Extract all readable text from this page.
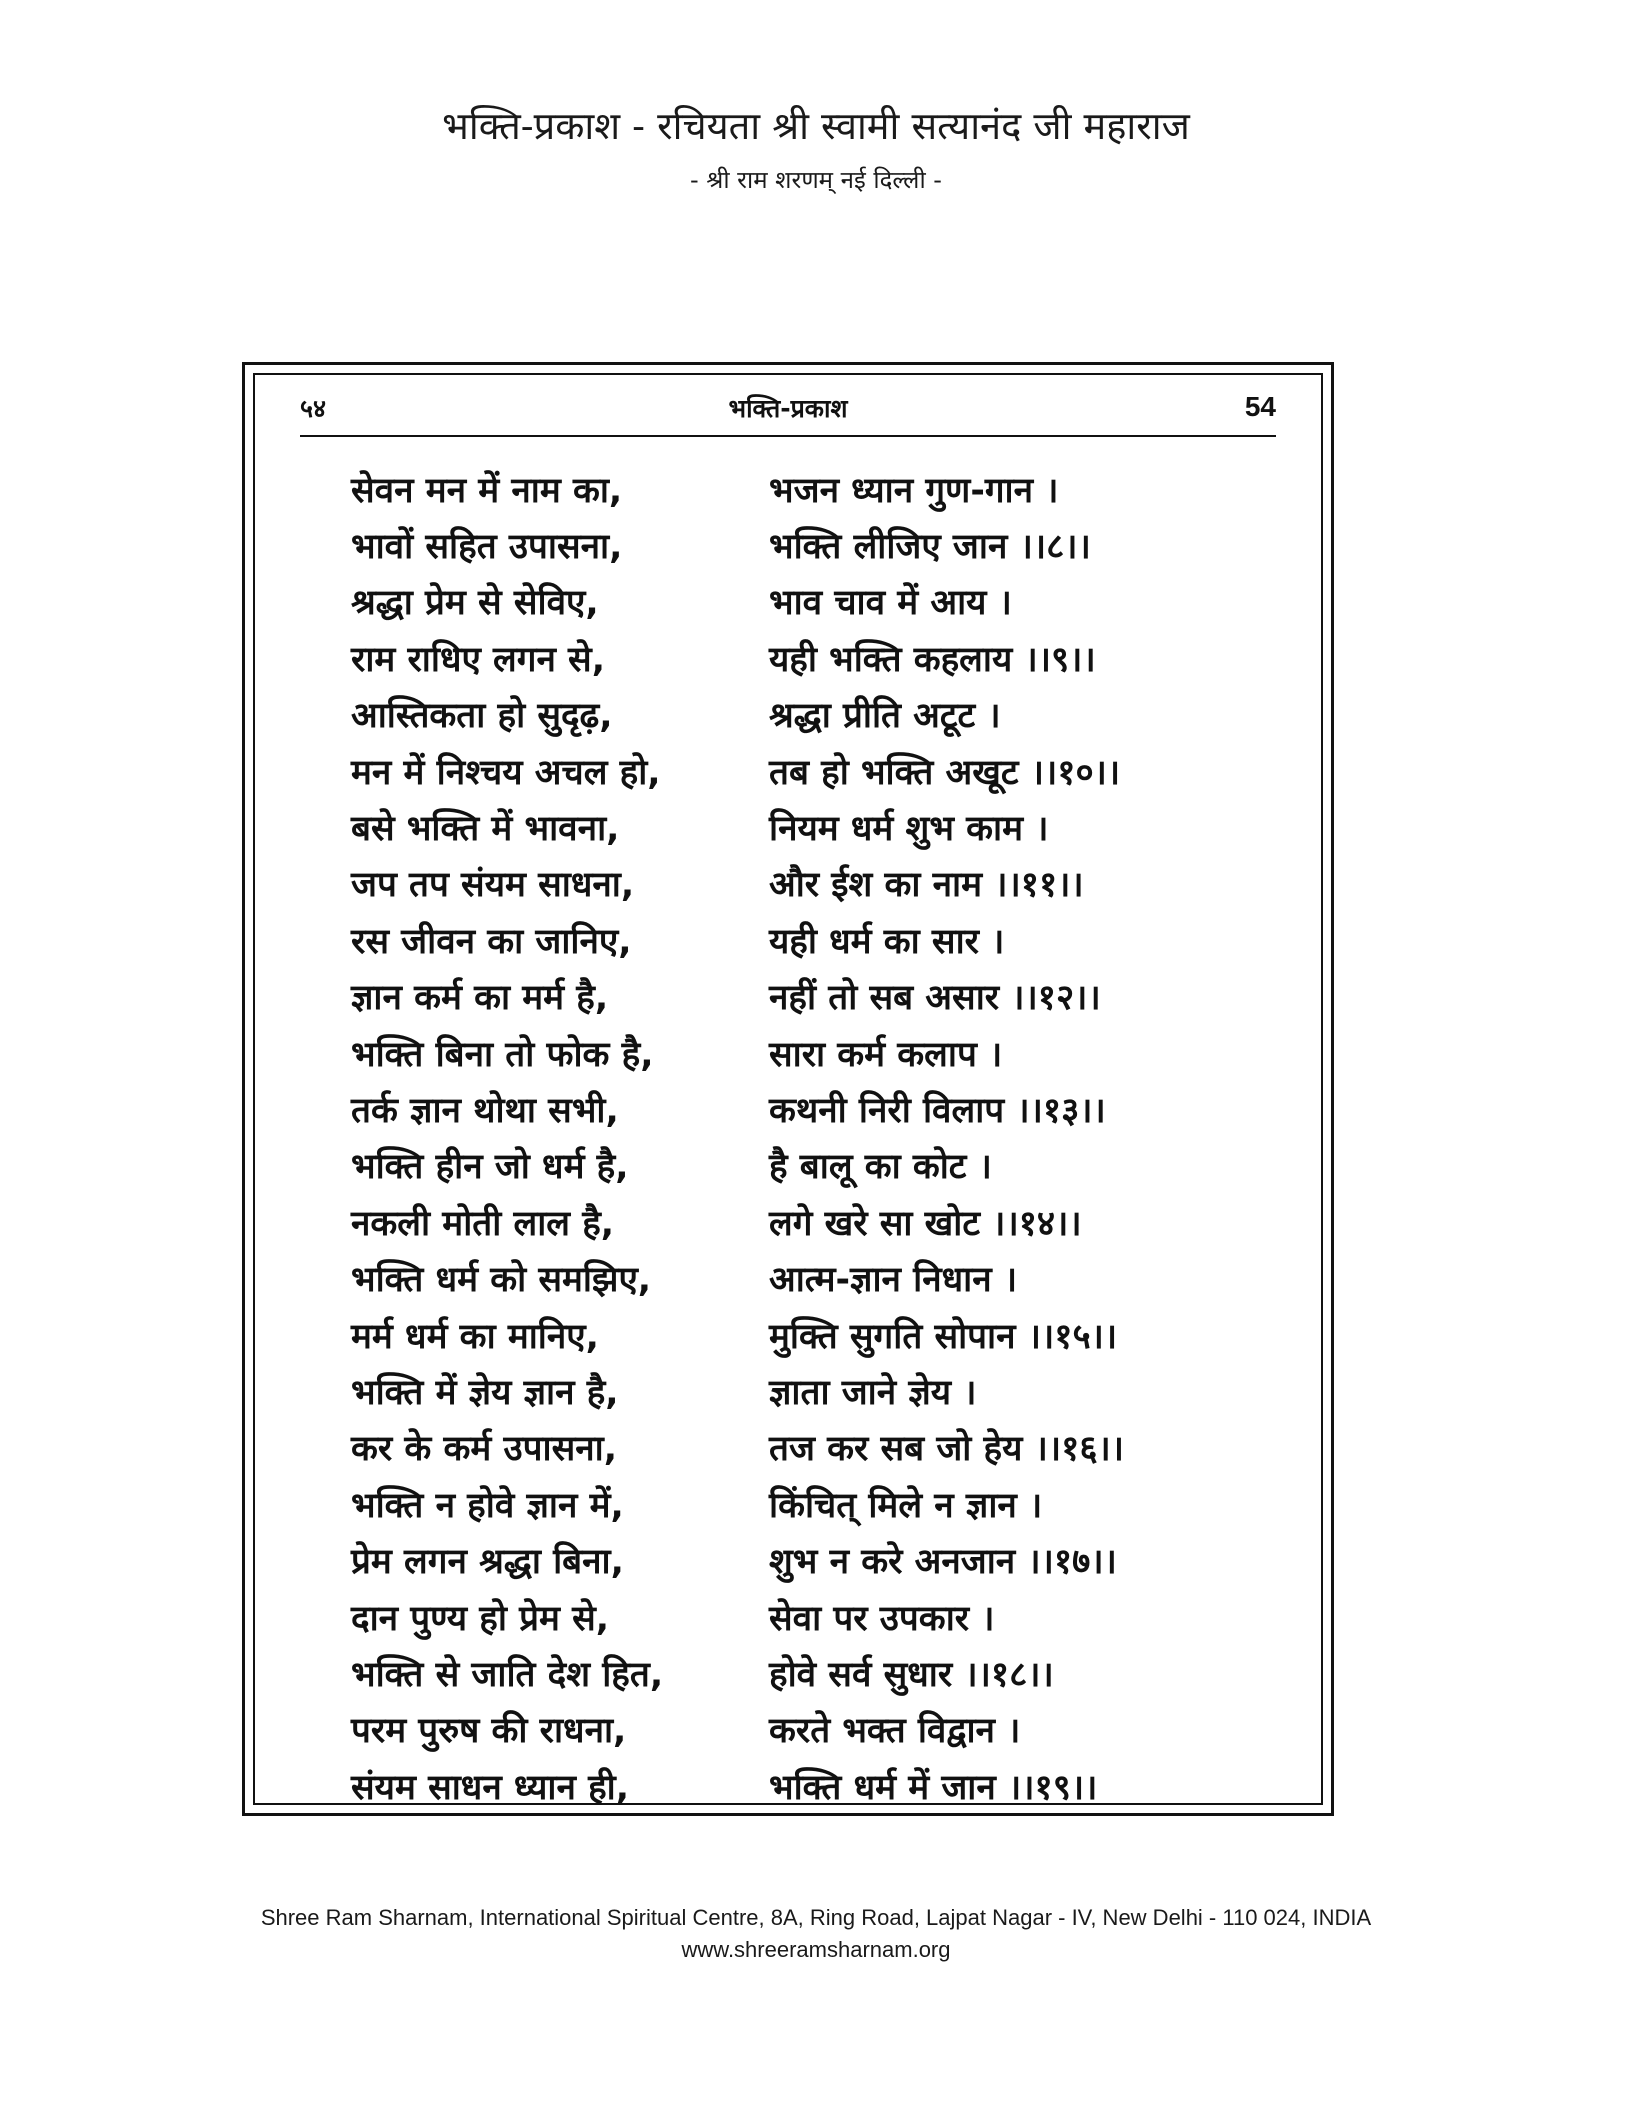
भक्ति-प्रकाश - रचियता श्री स्वामी सत्यानंद जी महाराज
- श्री राम शरणम् नई दिल्ली -
भक्ति-प्रकाश
५४	54
सेवन मन में नाम का,	भजन ध्यान गुण-गान ।
भावों सहित उपासना,	भक्ति लीजिए जान ।।८।।
श्रद्धा प्रेम से सेविए,	भाव चाव में आय ।
राम राधिए लगन से,	यही भक्ति कहलाय ।।९।।
आस्तिकता हो सुदृढ़,	श्रद्धा प्रीति अटूट ।
मन में निश्चय अचल हो,	तब हो भक्ति अखूट ।।१०।।
बसे भक्ति में भावना,	नियम धर्म शुभ काम ।
जप तप संयम साधना,	और ईश का नाम ।।११।।
रस जीवन का जानिए,	यही धर्म का सार ।
ज्ञान कर्म का मर्म है,	नहीं तो सब असार ।।१२।।
भक्ति बिना तो फोक है,	सारा कर्म कलाप ।
तर्क ज्ञान थोथा सभी,	कथनी निरी विलाप ।।१३।।
भक्ति हीन जो धर्म है,	है बालू का कोट ।
नकली मोती लाल है,	लगे खरे सा खोट ।।१४।।
भक्ति धर्म को समझिए,	आत्म-ज्ञान निधान ।
मर्म धर्म का मानिए,	मुक्ति सुगति सोपान ।।१५।।
भक्ति में ज्ञेय ज्ञान है,	ज्ञाता जाने ज्ञेय ।
कर के कर्म उपासना,	तज कर सब जो हेय ।।१६।।
भक्ति न होवे ज्ञान में,	किंचित् मिले न ज्ञान ।
प्रेम लगन श्रद्धा बिना,	शुभ न करे अनजान ।।१७।।
दान पुण्य हो प्रेम से,	सेवा पर उपकार ।
भक्ति से जाति देश हित,	होवे सर्व सुधार ।।१८।।
परम पुरुष की राधना,	करते भक्त विद्वान ।
संयम साधन ध्यान ही,	भक्ति धर्म में जान ।।१९।।
Shree Ram Sharnam, International Spiritual Centre, 8A, Ring Road, Lajpat Nagar - IV, New Delhi - 110 024, INDIA
www.shreeramsharnam.org
